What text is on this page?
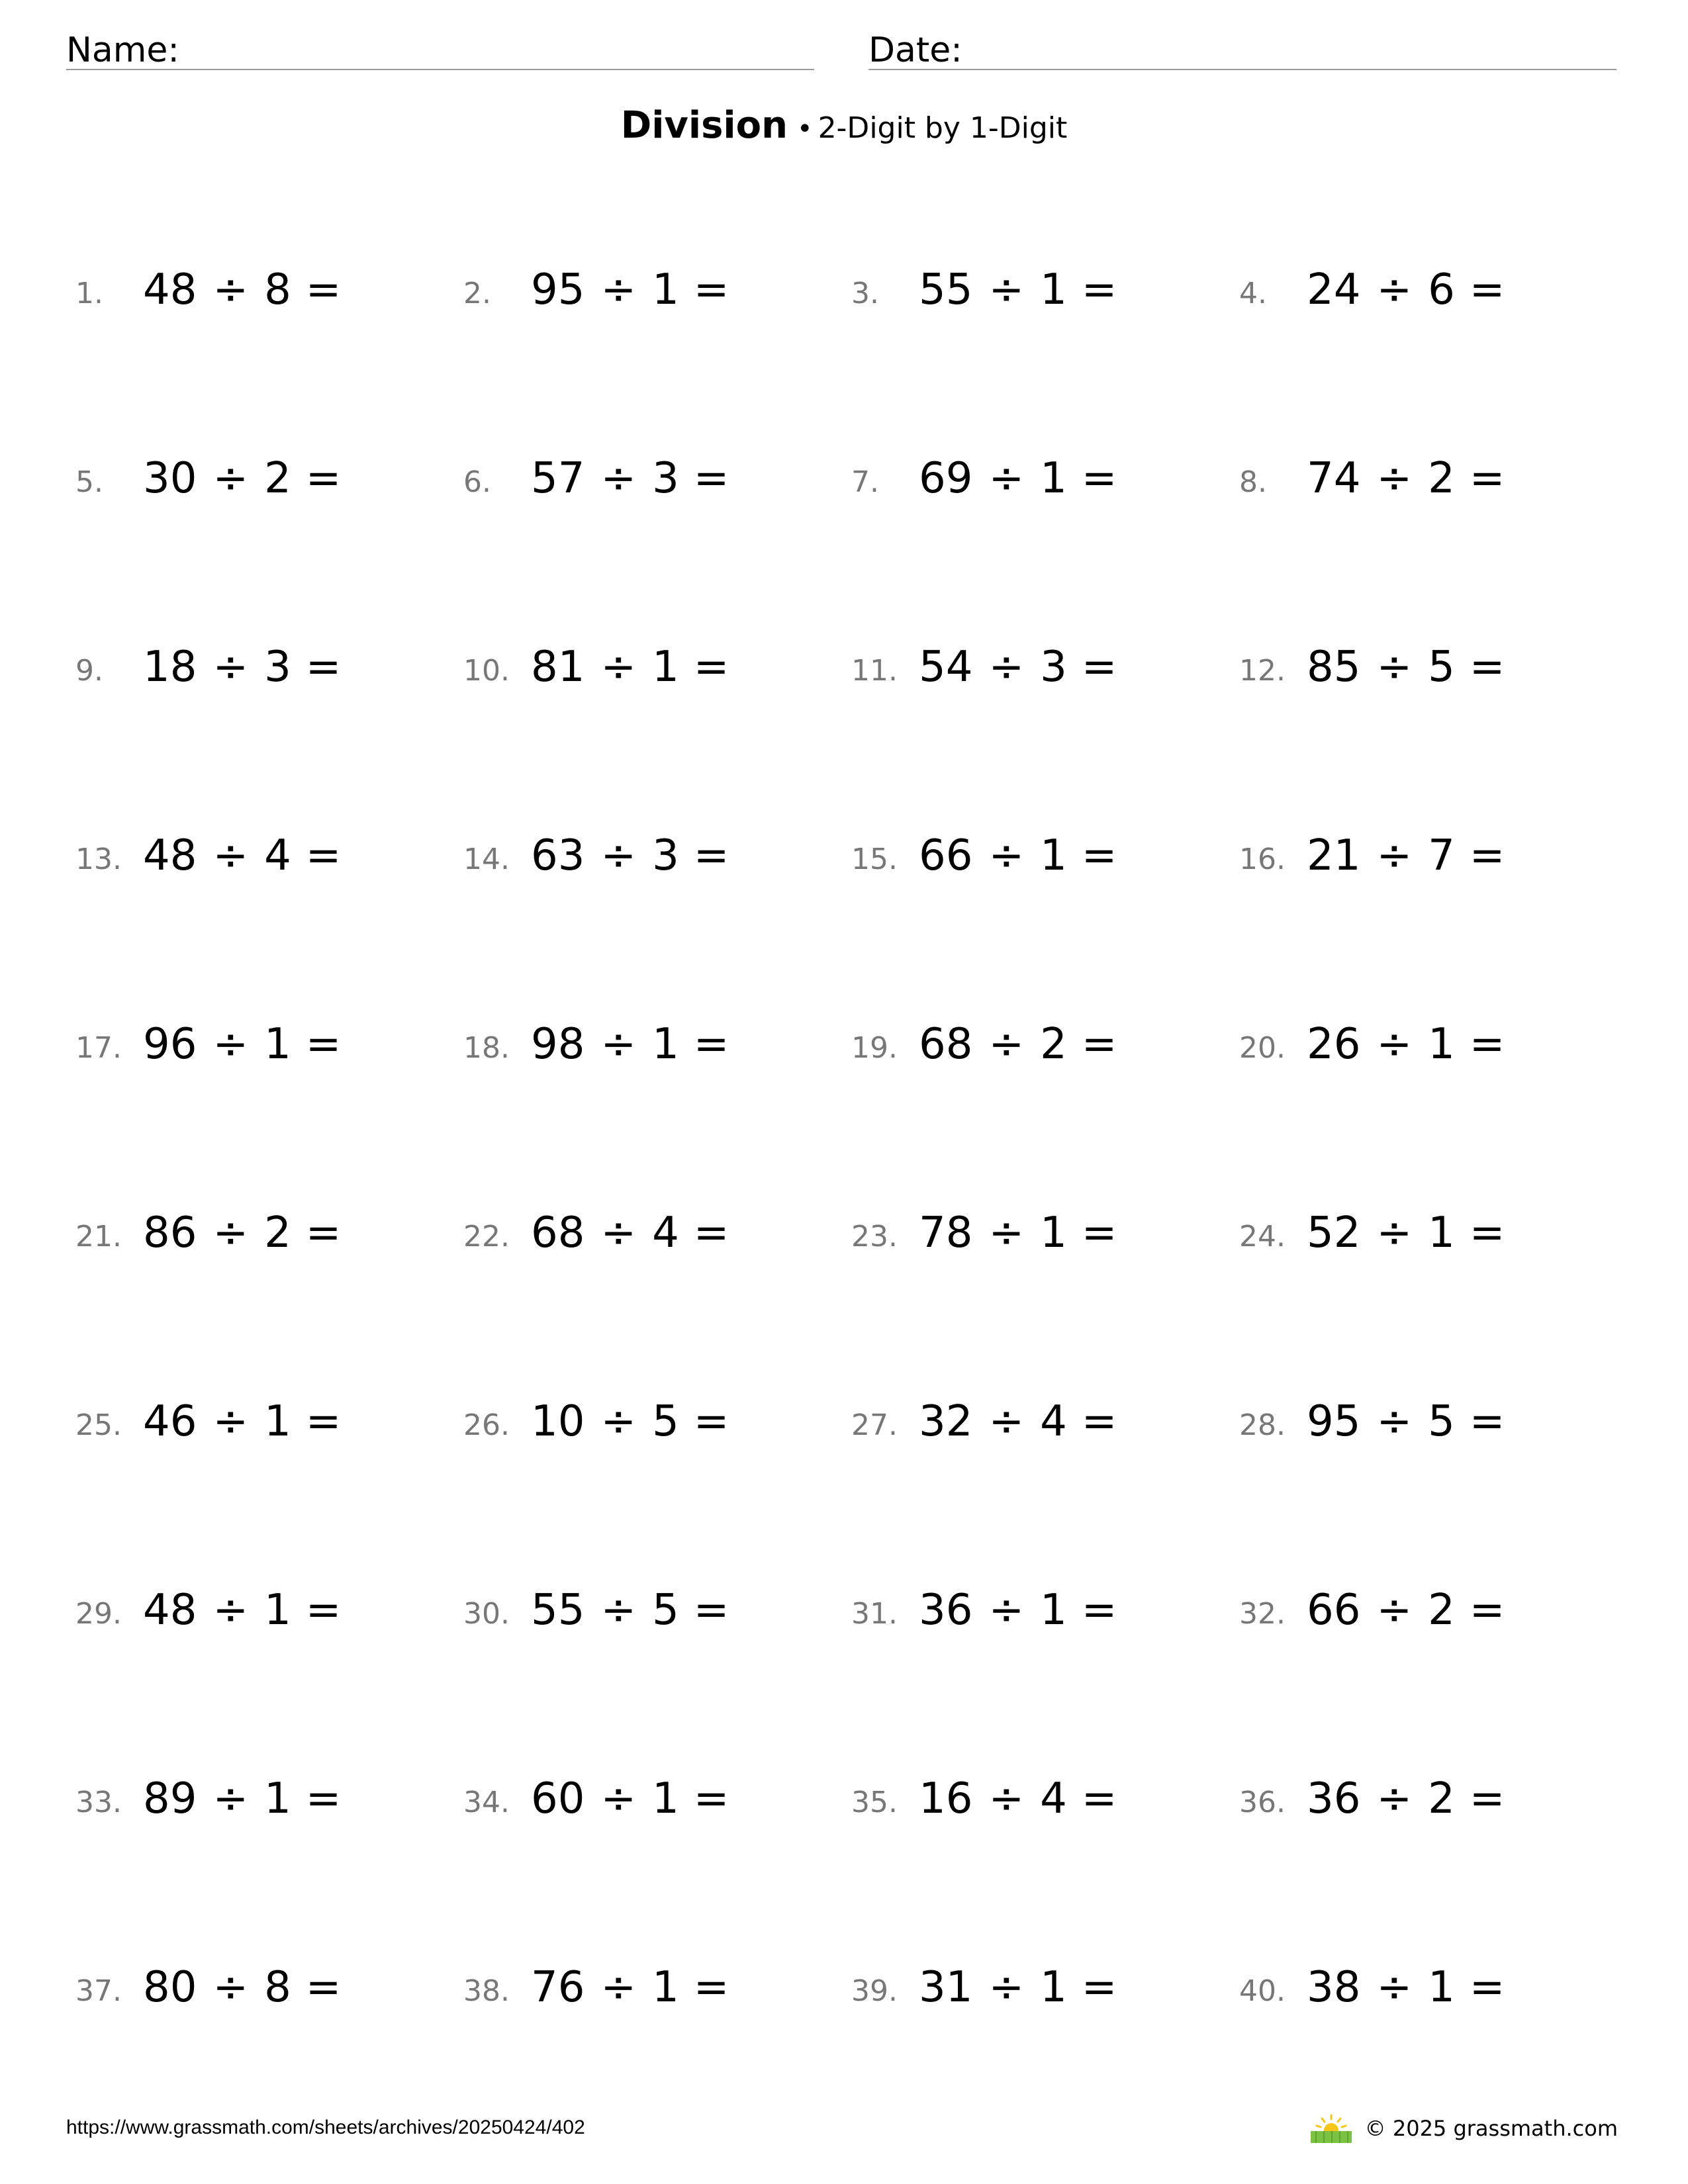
Name:	Date:
Division • 2-Digit by 1-Digit
1. 48 ÷ 8 =	2. 95 ÷ 1 =	3. 55 ÷ 1 =	4. 24 ÷ 6 =
5. 30 ÷ 2 =	6. 57 ÷ 3 =	7. 69 ÷ 1 =	8. 74 ÷ 2 =
9. 18 ÷ 3 =	10. 81 ÷ 1 =	11. 54 ÷ 3 =	12. 85 ÷ 5 =
13. 48 ÷ 4 =	14. 63 ÷ 3 =	15. 66 ÷ 1 =	16. 21 ÷ 7 =
17. 96 ÷ 1 =	18. 98 ÷ 1 =	19. 68 ÷ 2 =	20. 26 ÷ 1 =
21. 86 ÷ 2 =	22. 68 ÷ 4 =	23. 78 ÷ 1 =	24. 52 ÷ 1 =
25. 46 ÷ 1 =	26. 10 ÷ 5 =	27. 32 ÷ 4 =	28. 95 ÷ 5 =
29. 48 ÷ 1 =	30. 55 ÷ 5 =	31. 36 ÷ 1 =	32. 66 ÷ 2 =
33. 89 ÷ 1 =	34. 60 ÷ 1 =	35. 16 ÷ 4 =	36. 36 ÷ 2 =
37. 80 ÷ 8 =	38. 76 ÷ 1 =	39. 31 ÷ 1 =	40. 38 ÷ 1 =
https://www.grassmath.com/sheets/archives/20250424/402	© 2025 grassmath.com
